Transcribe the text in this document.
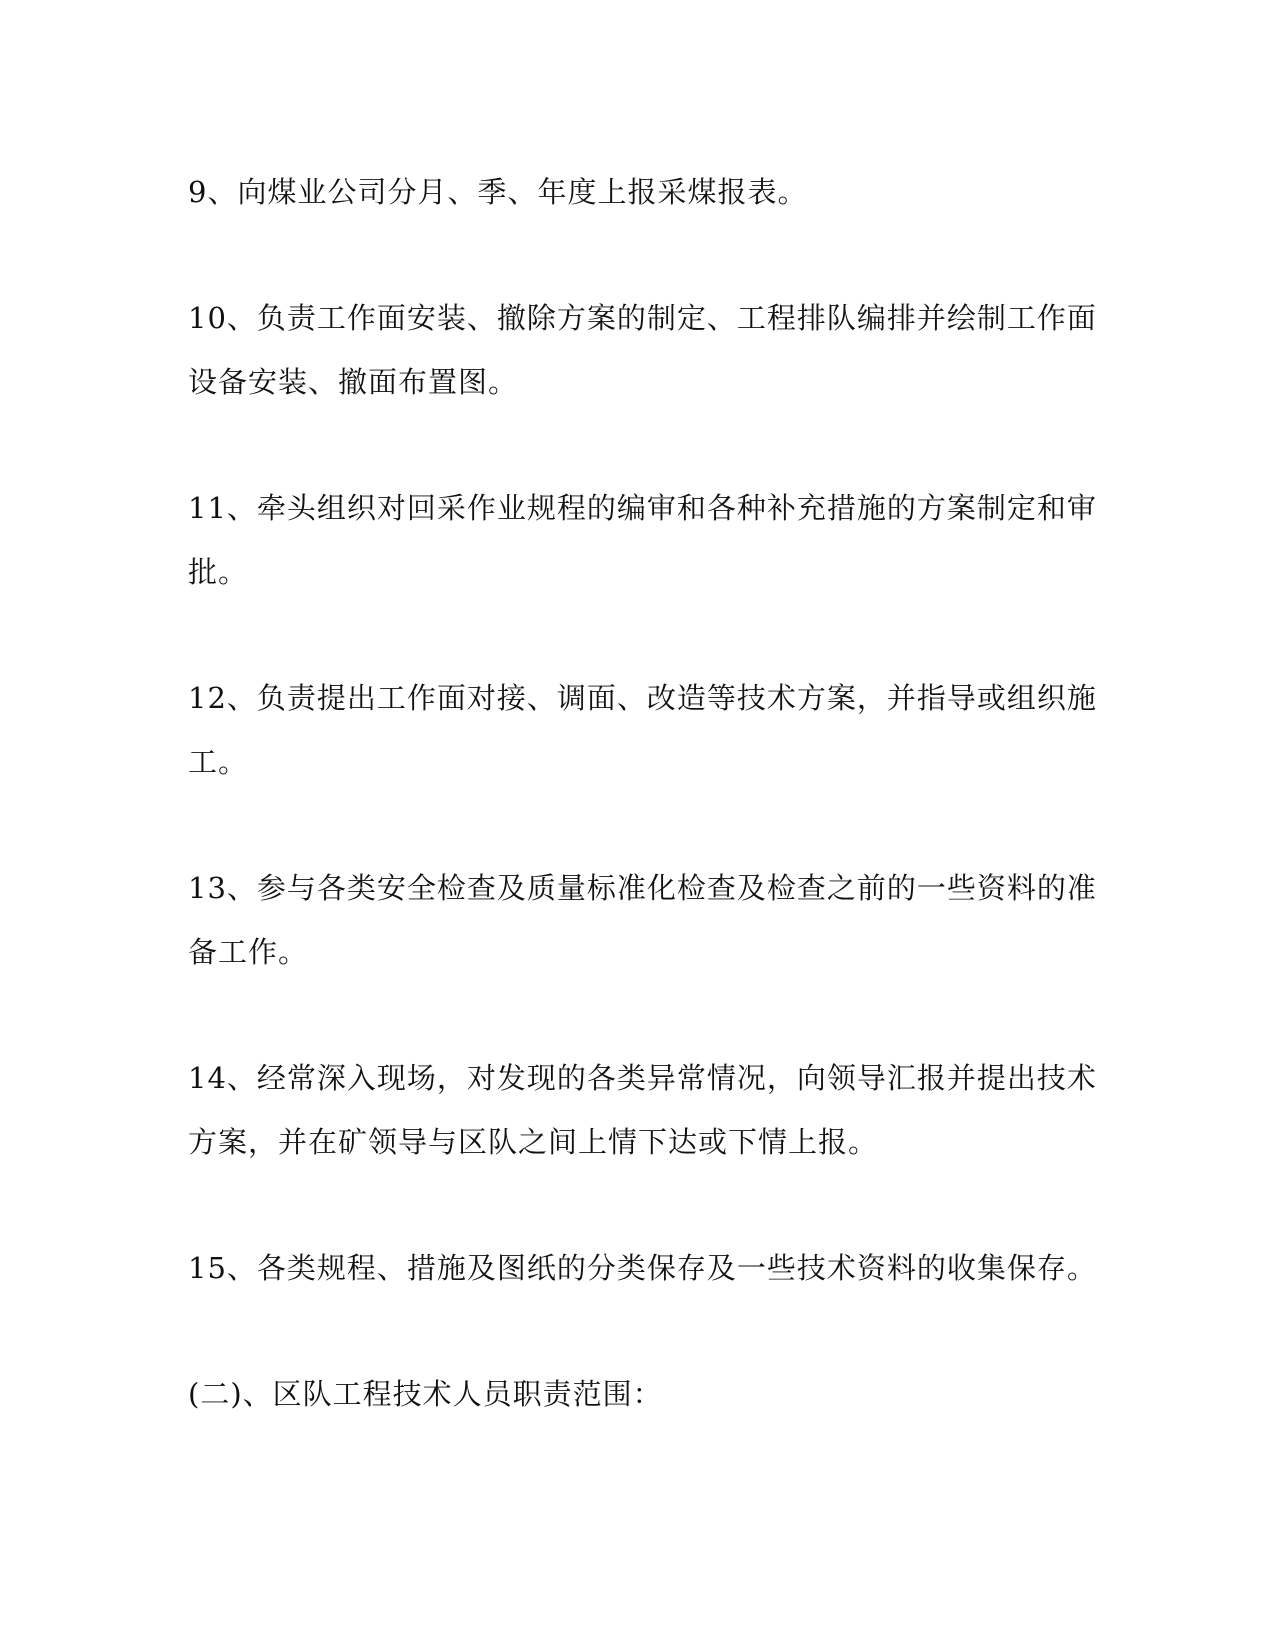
9、向煤业公司分月、季、年度上报采煤报表。

10、负责工作面安装、撤除方案的制定、工程排队编排并绘制工作面
设备安装、撤面布置图。

11、牵头组织对回采作业规程的编审和各种补充措施的方案制定和审
批。

12、负责提出工作面对接、调面、改造等技术方案，并指导或组织施
工。

13、参与各类安全检查及质量标准化检查及检查之前的一些资料的准
备工作。

14、经常深入现场，对发现的各类异常情况，向领导汇报并提出技术
方案，并在矿领导与区队之间上情下达或下情上报。

15、各类规程、措施及图纸的分类保存及一些技术资料的收集保存。

(二)、区队工程技术人员职责范围：
